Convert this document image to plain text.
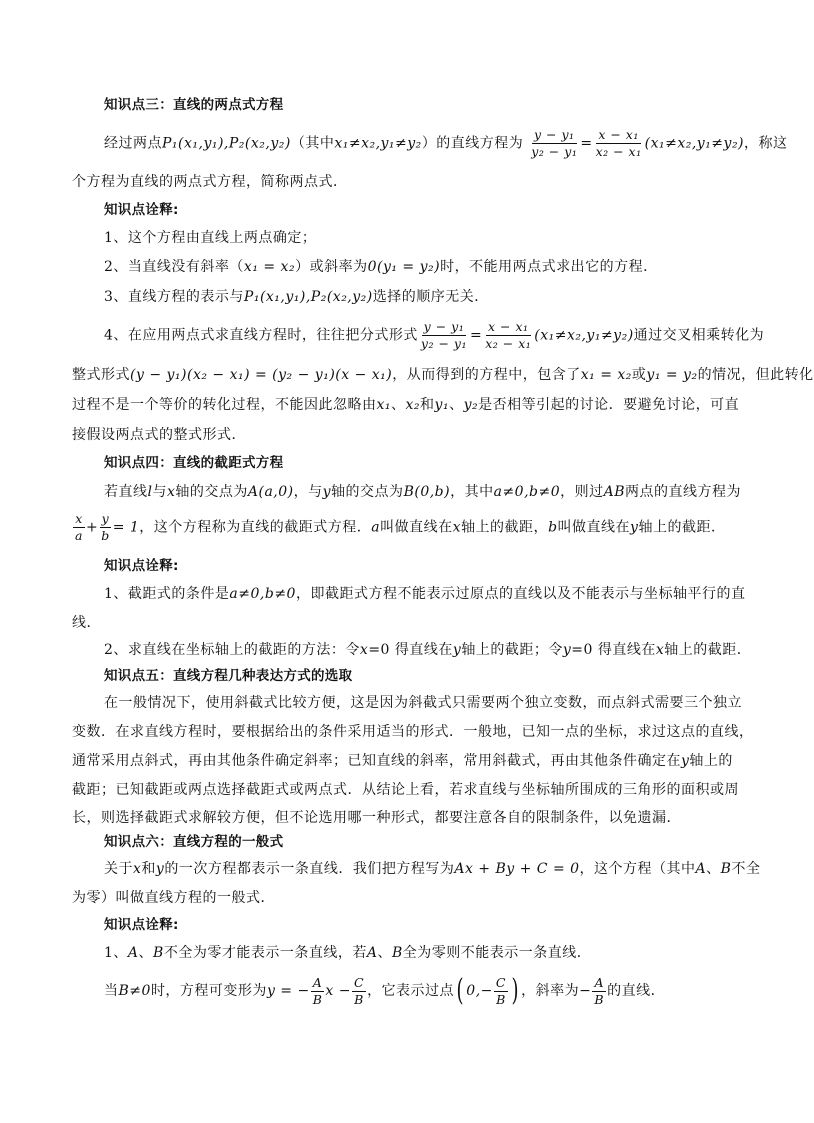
知识点三：直线的两点式方程
经过两点P₁(x₁,y₁),P₂(x₂,y₂)（其中x₁≠x₂,y₁≠y₂）的直线方程为 $\frac{\text{y − y₁}}{\text{y₂ − y₁}} = \frac{\text{x − x₁}}{\text{x₂ − x₁}} (x_1\ne x_2,y_1\ne y_2)$，称这
个方程为直线的两点式方程，简称两点式．
知识点诠释:
1、这个方程由直线上两点确定；
2、当直线没有斜率（x₁ = x₂）或斜率为0(y₁ = y₂)时，不能用两点式求出它的方程．
3、直线方程的表示与P₁(x₁,y₁),P₂(x₂,y₂)选择的顺序无关．
4、在应用两点式求直线方程时，往往把分式形式 $\frac{\text{y − y₁}}{\text{y₂ − y₁}} = \frac{\text{x − x₁}}{\text{x₂ − x₁}} (x_1\ne x_2,y_1\ne y_2)$通过交叉相乘转化为
整式形式(y − y₁)(x₂ − x₁) = (y₂ − y₁)(x − x₁)，从而得到的方程中，包含了x₁ = x₂或y₁ = y₂的情况，但此转化
过程不是一个等价的转化过程，不能因此忽略由x₁、x₂和y₁、y₂是否相等引起的讨论．要避免讨论，可直
接假设两点式的整式形式．
知识点四：直线的截距式方程
若直线l与x轴的交点为A(a,0)，与y轴的交点为B(0,b)，其中a≠0,b≠0，则过AB两点的直线方程为
$\frac{x}{a} + \frac{y}{b} = 1$，这个方程称为直线的截距式方程．a叫做直线在x轴上的截距，b叫做直线在y轴上的截距．
知识点诠释:
1、截距式的条件是a≠0,b≠0，即截距式方程不能表示过原点的直线以及不能表示与坐标轴平行的直
线．
2、求直线在坐标轴上的截距的方法：令x=0 得直线在y轴上的截距；令y=0 得直线在x轴上的截距．
知识点五：直线方程几种表达方式的选取
在一般情况下，使用斜截式比较方便，这是因为斜截式只需要两个独立变数，而点斜式需要三个独立
变数．在求直线方程时，要根据给出的条件采用适当的形式．一般地，已知一点的坐标，求过这点的直线，
通常采用点斜式，再由其他条件确定斜率；已知直线的斜率，常用斜截式，再由其他条件确定在y轴上的
截距；已知截距或两点选择截距式或两点式．从结论上看，若求直线与坐标轴所围成的三角形的面积或周
长，则选择截距式求解较方便，但不论选用哪一种形式，都要注意各自的限制条件，以免遗漏．
知识点六：直线方程的一般式
关于x和y的一次方程都表示一条直线．我们把方程写为Ax + By + C = 0，这个方程（其中A、B不全
为零）叫做直线方程的一般式．
知识点诠释:
1、A、B不全为零才能表示一条直线，若A、B全为零则不能表示一条直线．
当B≠0时，方程可变形为y = − $\frac{A}{B}$ $x - \frac{C}{B}$ ，它表示过点( $0,- \frac{C}{B}$ ) ，斜率为− $\frac{A}{B}$ 的直线．
